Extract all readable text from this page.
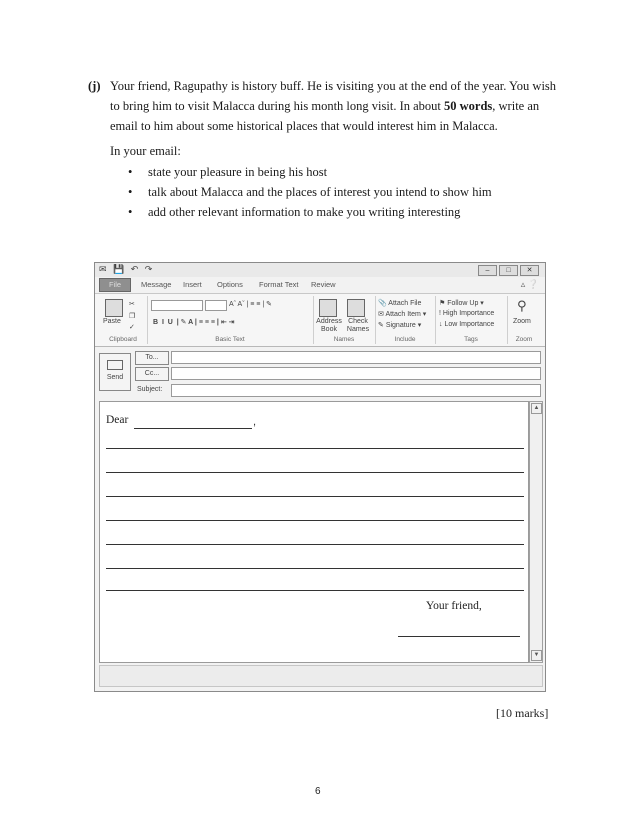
(j) Your friend, Ragupathy is history buff. He is visiting you at the end of the year. You wish to bring him to visit Malacca during his month long visit. In about 50 words, write an email to him about some historical places that would interest him in Malacca.
In your email:
• state your pleasure in being his host
• talk about Malacca and the places of interest you intend to show him
• add other relevant information to make you writing interesting
✉ 💾 ↶ ↷	–	□	✕
File	Message Insert Options Format Text Review	▵ ❔
Paste
✂
❐
✓
Clipboard
Aˆ Aˇ | ≡ ≡ | ✎
B  I  U  | ✎ A | ≡ ≡ ≡ | ⇤ ⇥
Basic Text
Address Book
Check Names
Names
📎 Attach File
✉ Attach Item ▾
✎ Signature ▾
Include
⚑ Follow Up ▾
! High Importance
↓ Low Importance
Tags
⚲
Zoom
Zoom
Send
To...
Cc...
Subject:
Dear	,
Your friend,
▲
▼
[10 marks]
6
